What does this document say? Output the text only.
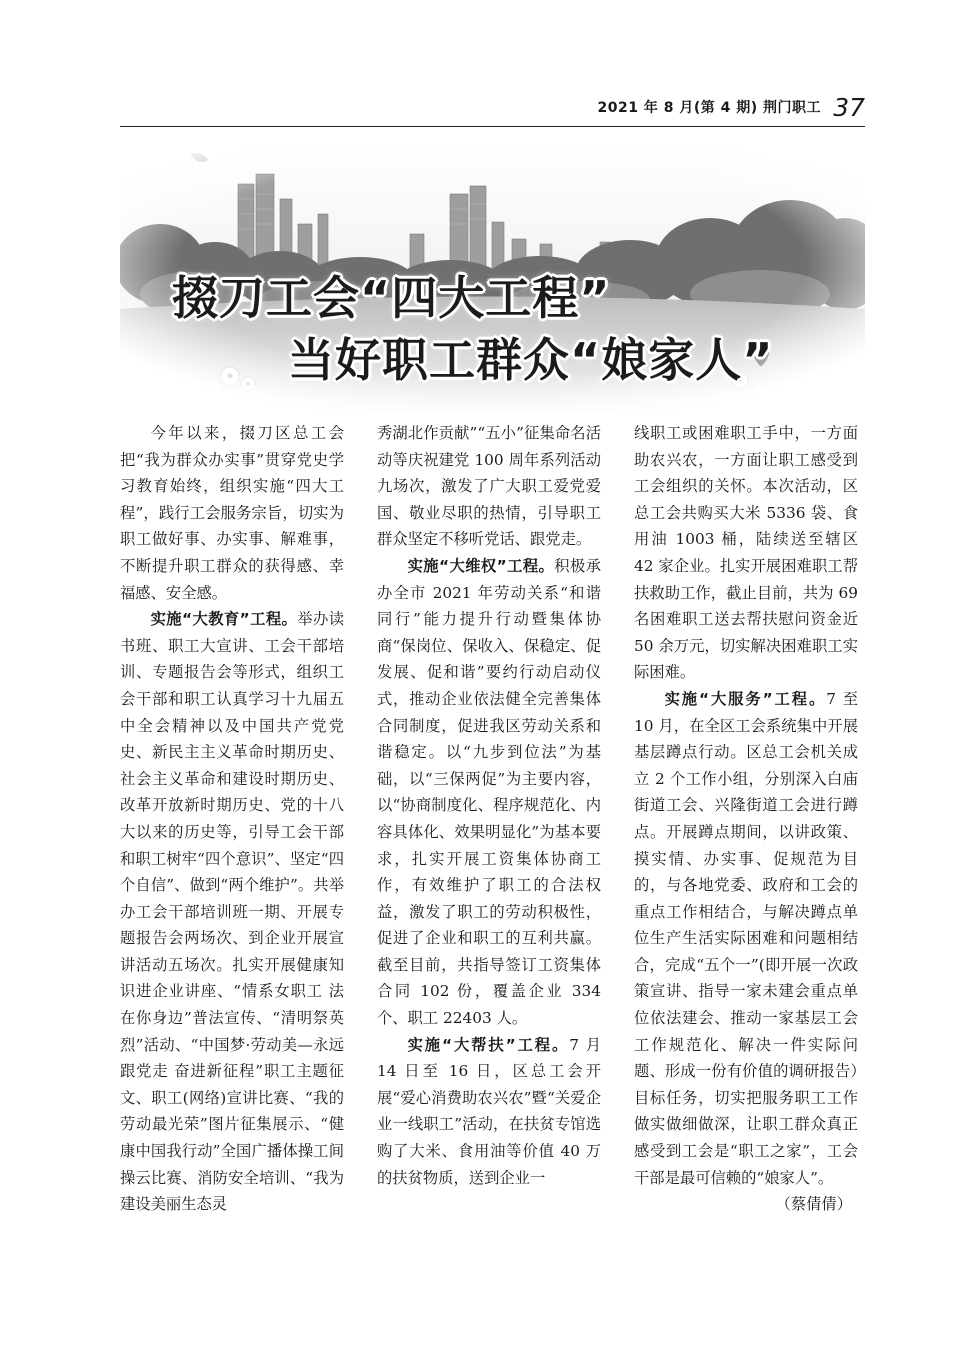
2021 年 8 月(第 4 期) 荆门职工 37
掇刀工会“四大工程”
当好职工群众“娘家人”

今年以来，掇刀区总工会把“我为群众办实事”贯穿党史学习教育始终，组织实施“四大工程”，践行工会服务宗旨，切实为职工做好事、办实事、解难事，不断提升职工群众的获得感、幸福感、安全感。

实施“大教育”工程。举办读书班、职工大宣讲、工会干部培训、专题报告会等形式，组织工会干部和职工认真学习十九届五中全会精神以及中国共产党党史、新民主主义革命时期历史、社会主义革命和建设时期历史、改革开放新时期历史、党的十八大以来的历史等，引导工会干部和职工树牢“四个意识”、坚定“四个自信”、做到“两个维护”。共举办工会干部培训班一期、开展专题报告会两场次、到企业开展宣讲活动五场次。扎实开展健康知识进企业讲座、“情系女职工 法在你身边”普法宣传、“清明祭英烈”活动、“中国梦·劳动美—永远跟党走 奋进新征程”职工主题征文、职工(网络)宣讲比赛、“我的劳动最光荣”图片征集展示、“健康中国我行动”全国广播体操工间操云比赛、消防安全培训、“我为建设美丽生态灵

秀湖北作贡献”“五小”征集命名活动等庆祝建党 100 周年系列活动九场次，激发了广大职工爱党爱国、敬业尽职的热情，引导职工群众坚定不移听党话、跟党走。

实施“大维权”工程。积极承办全市 2021 年劳动关系“和谐同行”能力提升行动暨集体协商“保岗位、保收入、保稳定、促发展、促和谐”要约行动启动仪式，推动企业依法健全完善集体合同制度，促进我区劳动关系和谐稳定。以“九步到位法”为基础，以“三保两促”为主要内容，以“协商制度化、程序规范化、内容具体化、效果明显化”为基本要求，扎实开展工资集体协商工作，有效维护了职工的合法权益，激发了职工的劳动积极性，促进了企业和职工的互利共赢。截至目前，共指导签订工资集体合同 102 份，覆盖企业 334 个、职工 22403 人。

实施“大帮扶”工程。7 月 14 日至 16 日，区总工会开展“爱心消费助农兴农”暨“关爱企业一线职工”活动，在扶贫专馆选购了大米、食用油等价值 40 万的扶贫物质，送到企业一

线职工或困难职工手中，一方面助农兴农，一方面让职工感受到工会组织的关怀。本次活动，区总工会共购买大米 5336 袋、食用油 1003 桶，陆续送至辖区 42 家企业。扎实开展困难职工帮扶救助工作，截止目前，共为 69 名困难职工送去帮扶慰问资金近 50 余万元，切实解决困难职工实际困难。

实施“大服务”工程。7 至 10 月，在全区工会系统集中开展基层蹲点行动。区总工会机关成立 2 个工作小组，分别深入白庙街道工会、兴隆街道工会进行蹲点。开展蹲点期间，以讲政策、摸实情、办实事、促规范为目的，与各地党委、政府和工会的重点工作相结合，与解决蹲点单位生产生活实际困难和问题相结合，完成“五个一”(即开展一次政策宣讲、指导一家未建会重点单位依法建会、推动一家基层工会工作规范化、解决一件实际问题、形成一份有价值的调研报告）目标任务，切实把服务职工工作做实做细做深，让职工群众真正感受到工会是“职工之家”，工会干部是最可信赖的“娘家人”。

（蔡倩倩）
